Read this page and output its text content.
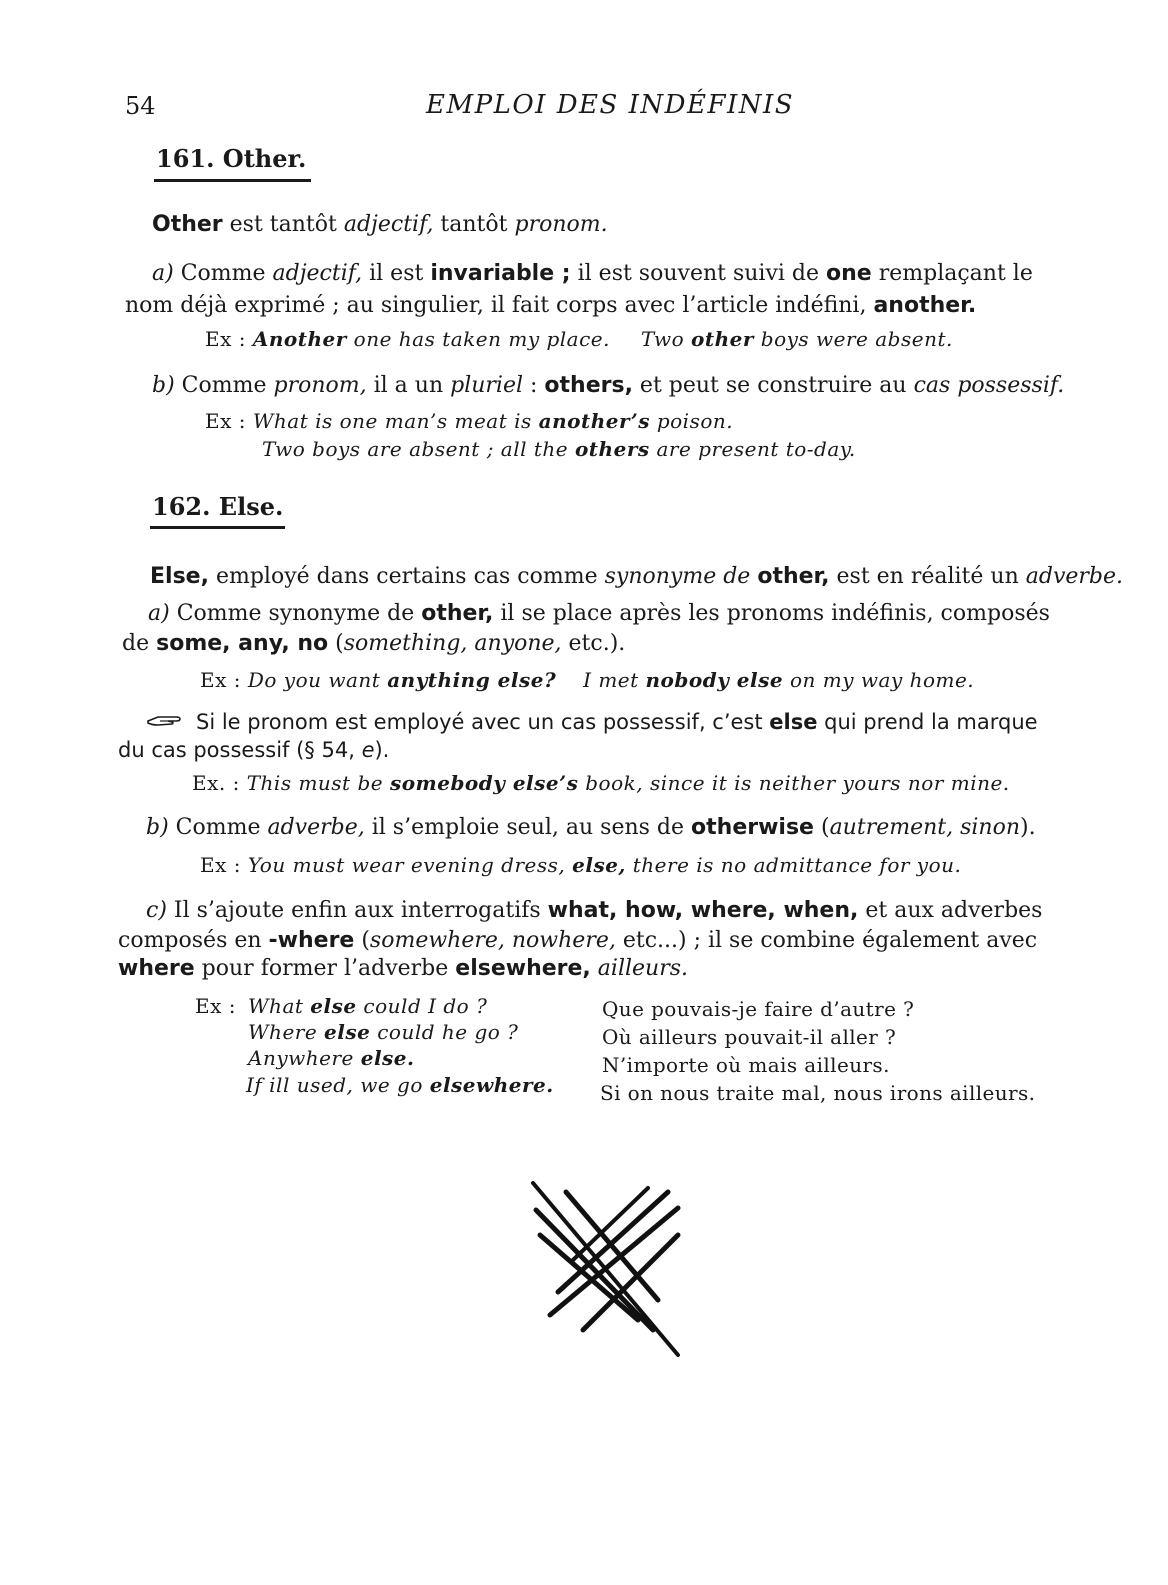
54	EMPLOI DES INDÉFINIS
161. Other.
Other est tantôt adjectif, tantôt pronom.
a) Comme adjectif, il est invariable ; il est souvent suivi de one remplaçant le
nom déjà exprimé ; au singulier, il fait corps avec l’article indéfini, another.
Ex : Another one has taken my place. Two other boys were absent.
b) Comme pronom, il a un pluriel : others, et peut se construire au cas possessif.
Ex : What is one man’s meat is another’s poison.
Two boys are absent ; all the others are present to-day.
162. Else.
Else, employé dans certains cas comme synonyme de other, est en réalité un adverbe.
a) Comme synonyme de other, il se place après les pronoms indéfinis, composés
de some, any, no (something, anyone, etc.).
Ex : Do you want anything else? I met nobody else on my way home.
Si le pronom est employé avec un cas possessif, c’est else qui prend la marque
du cas possessif (§ 54, e).
Ex. : This must be somebody else’s book, since it is neither yours nor mine.
b) Comme adverbe, il s’emploie seul, au sens de otherwise (autrement, sinon).
Ex : You must wear evening dress, else, there is no admittance for you.
c) Il s’ajoute enfin aux interrogatifs what, how, where, when, et aux adverbes
composés en -where (somewhere, nowhere, etc...) ; il se combine également avec
where pour former l’adverbe elsewhere, ailleurs.
Ex : What else could I do ?
Where else could he go ?
Anywhere else.
If ill used, we go elsewhere.
Que pouvais-je faire d’autre ?
Où ailleurs pouvait-il aller ?
N’importe où mais ailleurs.
Si on nous traite mal, nous irons ailleurs.
